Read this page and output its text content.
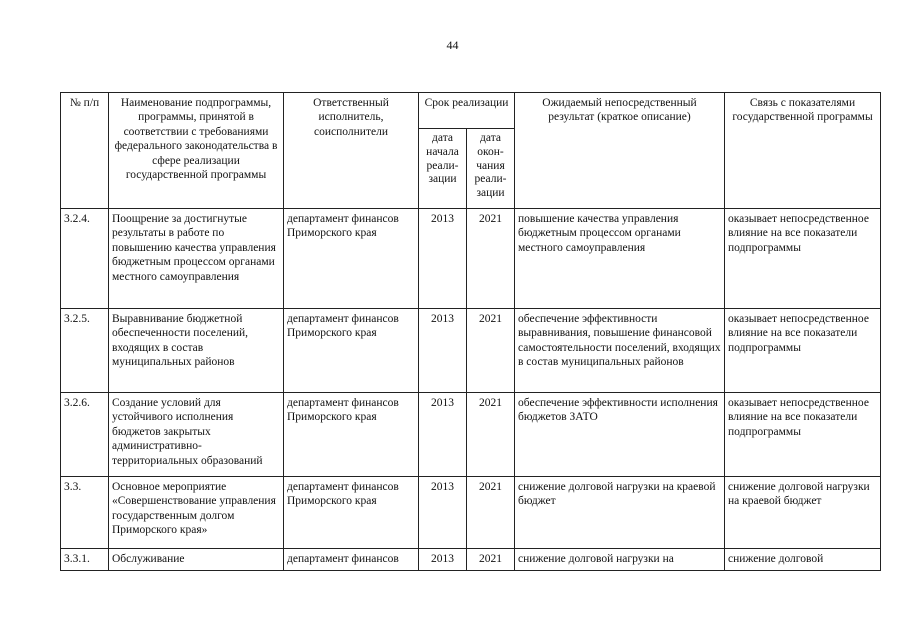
44
№ п/п	Наименование подпрограммы, программы, принятой в соответствии с требованиями федерального законодательства в сфере реализации государственной программы	Ответственный исполнитель, соисполнители	Срок реализации		Ожидаемый непосредственный результат (краткое описание)	Связь с показателями государственной программы
			дата начала реали-зации	дата окон-чания реали-зации		
3.2.4.	Поощрение за достигнутые результаты в работе по повышению качества управления бюджетным процессом органами местного самоуправления	департамент финансов Приморского края	2013	2021	повышение качества управления бюджетным процессом органами местного самоуправления	оказывает непосредственное влияние на все показатели подпрограммы
3.2.5.	Выравнивание бюджетной обеспеченности поселений, входящих в состав муниципальных районов	департамент финансов Приморского края	2013	2021	обеспечение эффективности выравнивания, повышение финансовой самостоятельности поселений, входящих в состав муниципальных районов	оказывает непосредственное влияние на все показатели подпрограммы
3.2.6.	Создание условий для устойчивого исполнения бюджетов закрытых административно-территориальных образований	департамент финансов Приморского края	2013	2021	обеспечение эффективности исполнения бюджетов ЗАТО	оказывает непосредственное влияние на все показатели подпрограммы
3.3.	Основное мероприятие «Совершенствование управления государственным долгом Приморского края»	департамент финансов Приморского края	2013	2021	снижение долговой нагрузки на краевой бюджет	снижение долговой нагрузки на краевой бюджет
3.3.1.	Обслуживание	департамент финансов	2013	2021	снижение долговой нагрузки на	снижение долговой
